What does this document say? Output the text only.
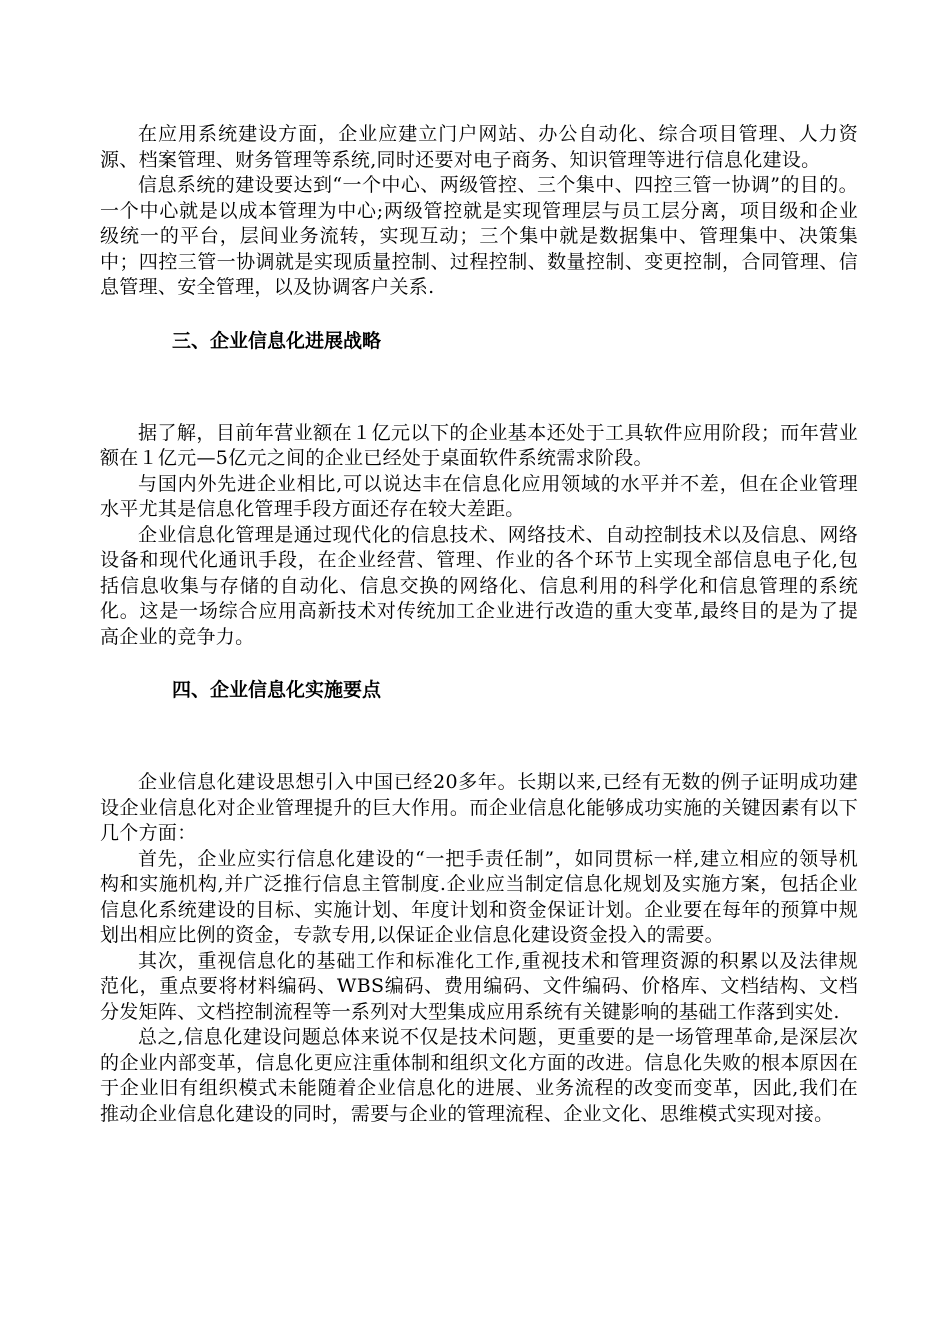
在应用系统建设方面，企业应建立门户网站、办公自动化、综合项目管理、人力资源、档案管理、财务管理等系统,同时还要对电子商务、知识管理等进行信息化建设。

信息系统的建设要达到“一个中心、两级管控、三个集中、四控三管一协调”的目的。一个中心就是以成本管理为中心;两级管控就是实现管理层与员工层分离，项目级和企业级统一的平台，层间业务流转，实现互动；三个集中就是数据集中、管理集中、决策集中；四控三管一协调就是实现质量控制、过程控制、数量控制、变更控制，合同管理、信息管理、安全管理，以及协调客户关系.

三、企业信息化进展战略

据了解，目前年营业额在１亿元以下的企业基本还处于工具软件应用阶段；而年营业额在１亿元—5亿元之间的企业已经处于桌面软件系统需求阶段。

与国内外先进企业相比,可以说达丰在信息化应用领域的水平并不差，但在企业管理水平尤其是信息化管理手段方面还存在较大差距。

企业信息化管理是通过现代化的信息技术、网络技术、自动控制技术以及信息、网络设备和现代化通讯手段，在企业经营、管理、作业的各个环节上实现全部信息电子化,包括信息收集与存储的自动化、信息交换的网络化、信息利用的科学化和信息管理的系统化。这是一场综合应用高新技术对传统加工企业进行改造的重大变革,最终目的是为了提高企业的竞争力。

四、企业信息化实施要点

企业信息化建设思想引入中国已经20多年。长期以来,已经有无数的例子证明成功建设企业信息化对企业管理提升的巨大作用。而企业信息化能够成功实施的关键因素有以下几个方面：

首先，企业应实行信息化建设的“一把手责任制”，如同贯标一样,建立相应的领导机构和实施机构,并广泛推行信息主管制度.企业应当制定信息化规划及实施方案，包括企业信息化系统建设的目标、实施计划、年度计划和资金保证计划。企业要在每年的预算中规划出相应比例的资金，专款专用,以保证企业信息化建设资金投入的需要。

其次，重视信息化的基础工作和标准化工作,重视技术和管理资源的积累以及法律规范化，重点要将材料编码、WBS编码、费用编码、文件编码、价格库、文档结构、文档分发矩阵、文档控制流程等一系列对大型集成应用系统有关键影响的基础工作落到实处.

总之,信息化建设问题总体来说不仅是技术问题，更重要的是一场管理革命,是深层次的企业内部变革，信息化更应注重体制和组织文化方面的改进。信息化失败的根本原因在于企业旧有组织模式未能随着企业信息化的进展、业务流程的改变而变革，因此,我们在推动企业信息化建设的同时，需要与企业的管理流程、企业文化、思维模式实现对接。
